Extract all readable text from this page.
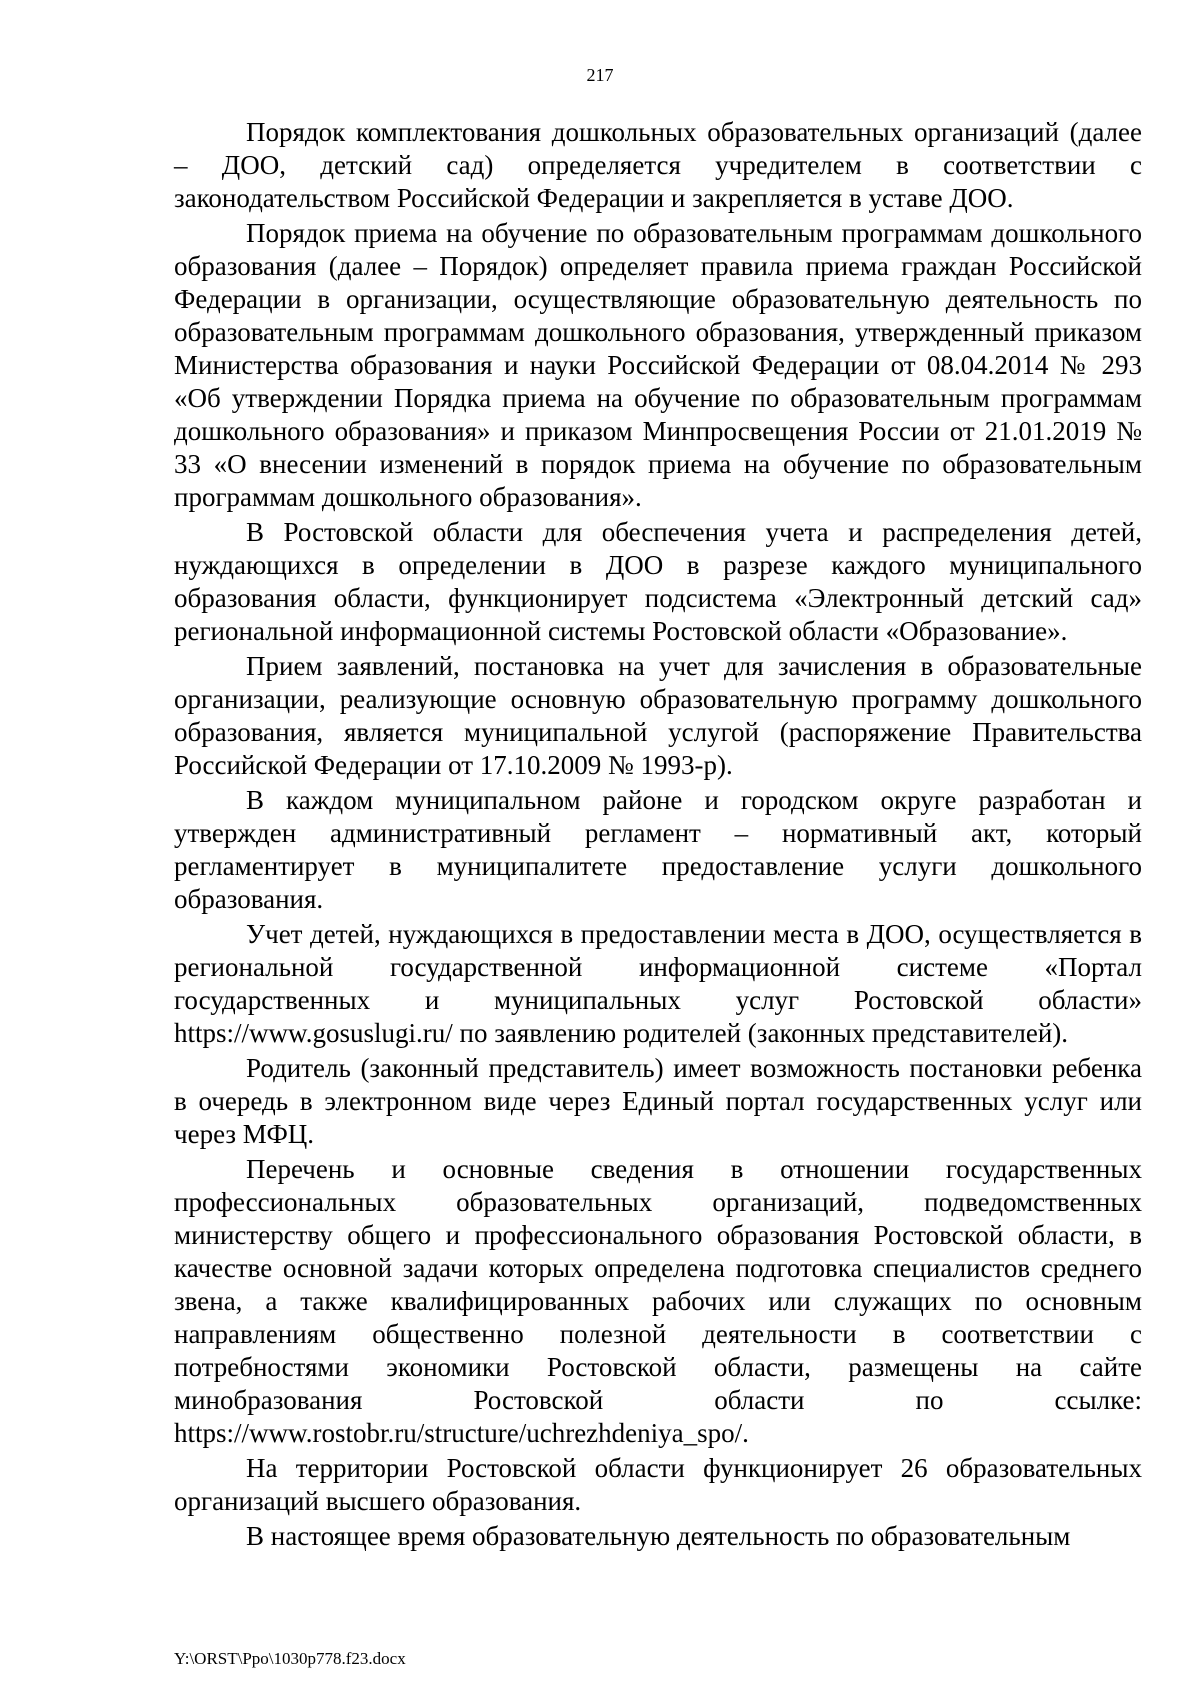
217

Порядок комплектования дошкольных образовательных организаций (далее – ДОО, детский сад) определяется учредителем в соответствии с законодательством Российской Федерации и закрепляется в уставе ДОО.

Порядок приема на обучение по образовательным программам дошкольного образования (далее – Порядок) определяет правила приема граждан Российской Федерации в организации, осуществляющие образовательную деятельность по образовательным программам дошкольного образования, утвержденный приказом Министерства образования и науки Российской Федерации от 08.04.2014 № 293 «Об утверждении Порядка приема на обучение по образовательным программам дошкольного образования» и приказом Минпросвещения России от 21.01.2019 № 33 «О внесении изменений в порядок приема на обучение по образовательным программам дошкольного образования».

В Ростовской области для обеспечения учета и распределения детей, нуждающихся в определении в ДОО в разрезе каждого муниципального образования области, функционирует подсистема «Электронный детский сад» региональной информационной системы Ростовской области «Образование».

Прием заявлений, постановка на учет для зачисления в образовательные организации, реализующие основную образовательную программу дошкольного образования, является муниципальной услугой (распоряжение Правительства Российской Федерации от 17.10.2009 № 1993-р).

В каждом муниципальном районе и городском округе разработан и утвержден административный регламент – нормативный акт, который регламентирует в муниципалитете предоставление услуги дошкольного образования.

Учет детей, нуждающихся в предоставлении места в ДОО, осуществляется в региональной государственной информационной системе «Портал государственных и муниципальных услуг Ростовской области» https://www.gosuslugi.ru/ по заявлению родителей (законных представителей).

Родитель (законный представитель) имеет возможность постановки ребенка в очередь в электронном виде через Единый портал государственных услуг или через МФЦ.

Перечень и основные сведения в отношении государственных профессиональных образовательных организаций, подведомственных министерству общего и профессионального образования Ростовской области, в качестве основной задачи которых определена подготовка специалистов среднего звена, а также квалифицированных рабочих или служащих по основным направлениям общественно полезной деятельности в соответствии с потребностями экономики Ростовской области, размещены на сайте минобразования Ростовской области по ссылке: https://www.rostobr.ru/structure/uchrezhdeniya_spo/.

На территории Ростовской области функционирует 26 образовательных организаций высшего образования.

В настоящее время образовательную деятельность по образовательным

Y:\ORST\Ppo\1030p778.f23.docx
